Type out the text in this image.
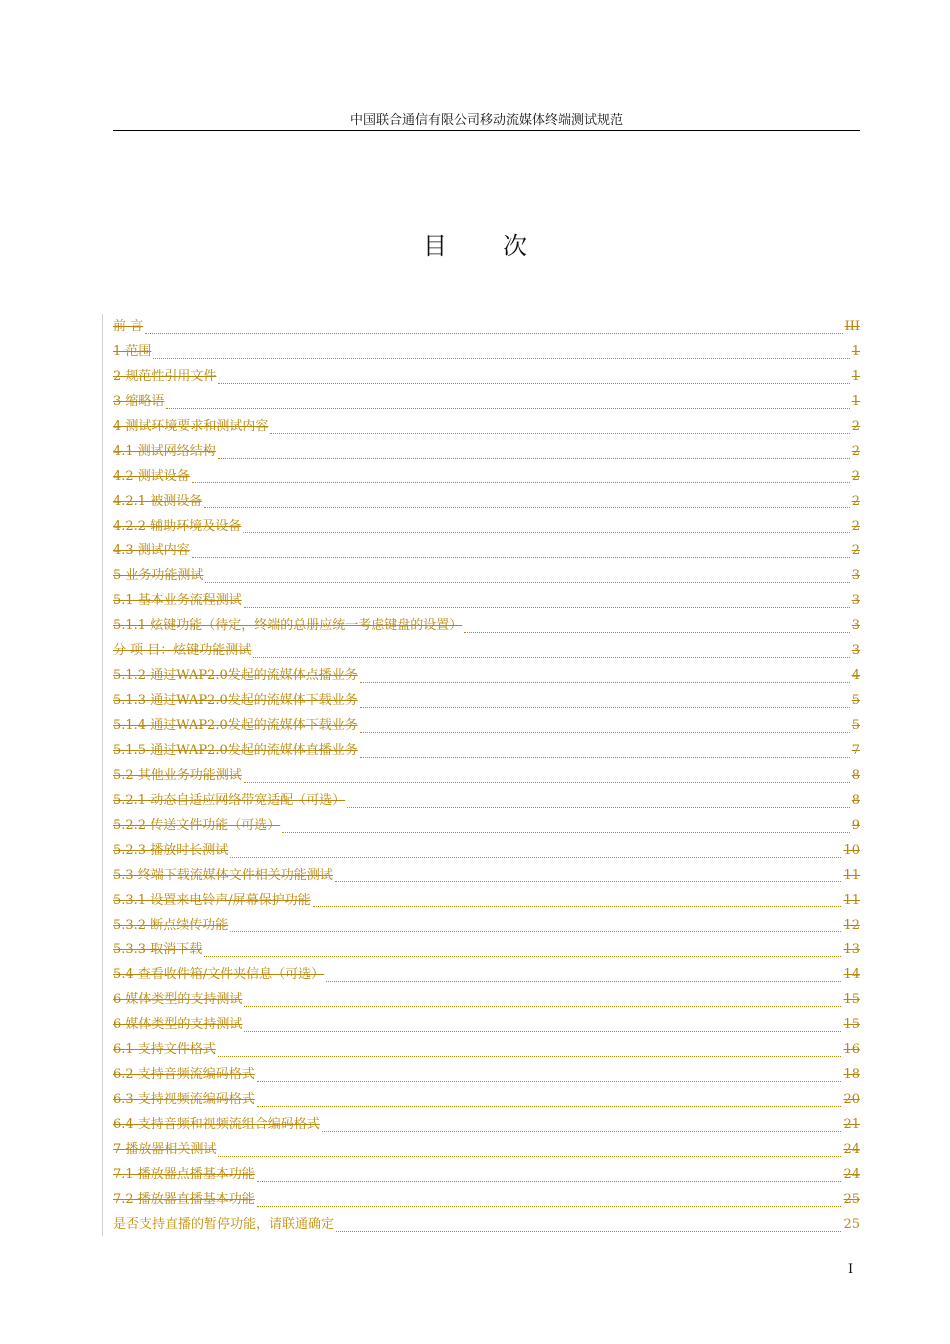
中国联合通信有限公司移动流媒体终端测试规范
目 次
前 言	III
1 范围	1
2 规范性引用文件	1
3 缩略语	1
4 测试环境要求和测试内容	2
4.1 测试网络结构	2
4.2 测试设备	2
4.2.1 被测设备	2
4.2.2 辅助环境及设备	2
4.3 测试内容	2
5 业务功能测试	3
5.1 基本业务流程测试	3
5.1.1 炫键功能（待定，终端的总册应统一考虑键盘的设置）	3
分 项 目：炫键功能测试	3
5.1.2 通过WAP2.0发起的流媒体点播业务	4
5.1.3 通过WAP2.0发起的流媒体下载业务	5
5.1.4 通过WAP2.0发起的流媒体下载业务	5
5.1.5 通过WAP2.0发起的流媒体直播业务	7
5.2 其他业务功能测试	8
5.2.1 动态自适应网络带宽适配（可选）	8
5.2.2 传送文件功能（可选）	9
5.2.3 播放时长测试	10
5.3 终端下载流媒体文件相关功能测试	11
5.3.1 设置来电铃声/屏幕保护功能	11
5.3.2 断点续传功能	12
5.3.3 取消下载	13
5.4 查看收件箱/文件夹信息（可选）	14
6 媒体类型的支持测试	15
6 媒体类型的支持测试	15
6.1 支持文件格式	16
6.2 支持音频流编码格式	18
6.3 支持视频流编码格式	20
6.4 支持音频和视频流组合编码格式	21
7 播放器相关测试	24
7.1 播放器点播基本功能	24
7.2 播放器直播基本功能	25
是否支持直播的暂停功能，请联通确定	25
I
